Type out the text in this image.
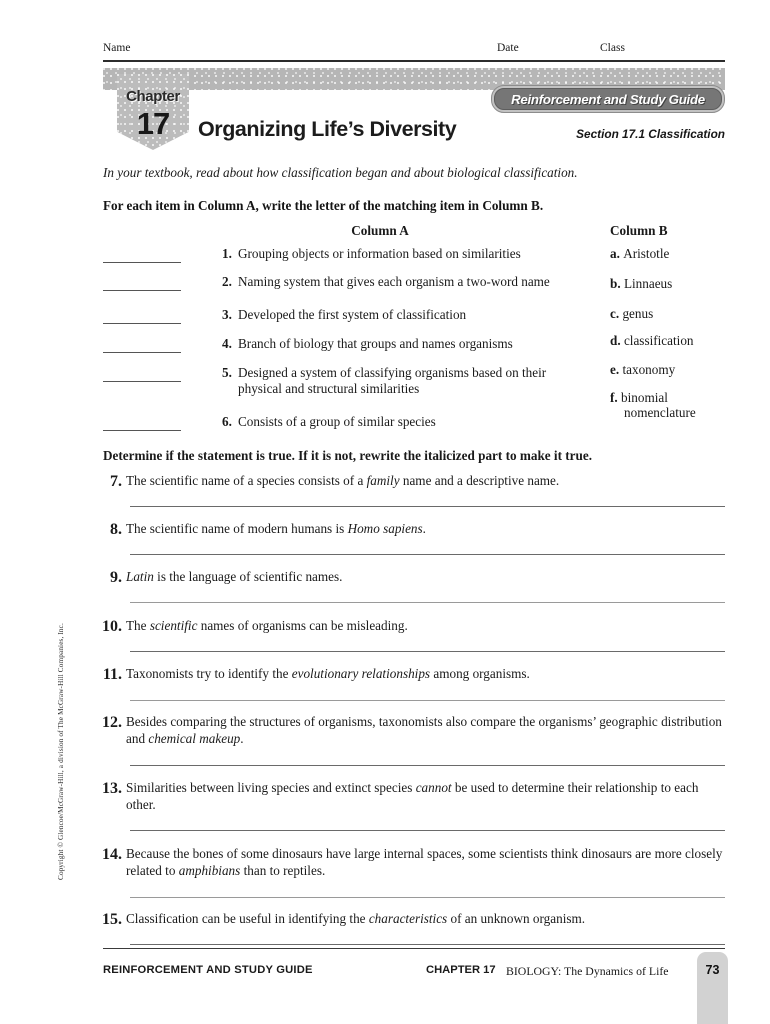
Copyright © Glencoe/McGraw-Hill, a division of The McGraw-Hill Companies, Inc.
Name	Date	Class
Chapter
17	Organizing Life’s Diversity
Reinforcement and Study Guide
Section 17.1 Classification
In your textbook, read about how classification began and about biological classification.
For each item in Column A, write the letter of the matching item in Column B.
Column A	Column B
1. Grouping objects or information based on similarities
2. Naming system that gives each organism a two-word name
3. Developed the first system of classification
4. Branch of biology that groups and names organisms
5. Designed a system of classifying organisms based on their physical and structural similarities
6. Consists of a group of similar species
a. Aristotle
b. Linnaeus
c. genus
d. classification
e. taxonomy
f. binomial
nomenclature
Determine if the statement is true. If it is not, rewrite the italicized part to make it true.
7. The scientific name of a species consists of a family name and a descriptive name.
8. The scientific name of modern humans is Homo sapiens.
9. Latin is the language of scientific names.
10. The scientific names of organisms can be misleading.
11. Taxonomists try to identify the evolutionary relationships among organisms.
12. Besides comparing the structures of organisms, taxonomists also compare the organisms’ geographic distribution and chemical makeup.
13. Similarities between living species and extinct species cannot be used to determine their relationship to each other.
14. Because the bones of some dinosaurs have large internal spaces, some scientists think dinosaurs are more closely related to amphibians than to reptiles.
15. Classification can be useful in identifying the characteristics of an unknown organism.
REINFORCEMENT AND STUDY GUIDE	CHAPTER 17 BIOLOGY: The Dynamics of Life	73
